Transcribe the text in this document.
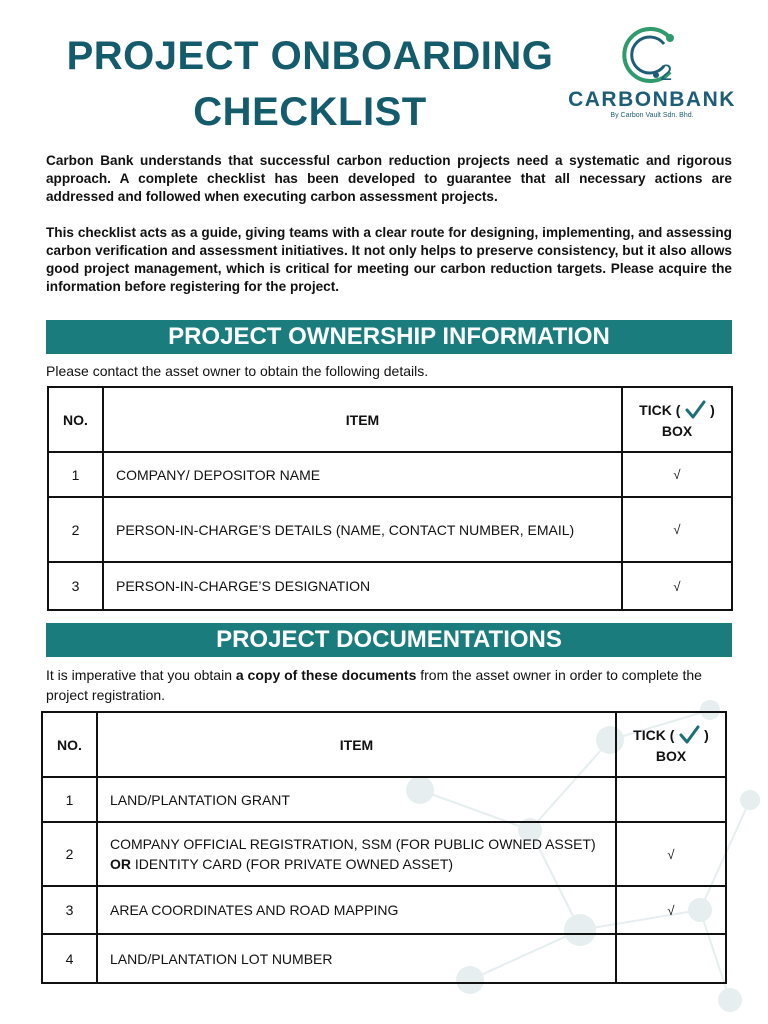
PROJECT ONBOARDING
CHECKLIST
2
CARBONBANK
By Carbon Vault Sdn. Bhd.

Carbon Bank understands that successful carbon reduction projects need a systematic and rigorous approach. A complete checklist has been developed to guarantee that all necessary actions are addressed and followed when executing carbon assessment projects.

This checklist acts as a guide, giving teams with a clear route for designing, implementing, and assessing carbon verification and assessment initiatives. It not only helps to preserve consistency, but it also allows good project management, which is critical for meeting our carbon reduction targets. Please acquire the information before registering for the project.

PROJECT OWNERSHIP INFORMATION

Please contact the asset owner to obtain the following details.

NO.	ITEM	TICK ( )
BOX
1	COMPANY/ DEPOSITOR NAME	√
2	PERSON-IN-CHARGE’S DETAILS (NAME, CONTACT NUMBER, EMAIL)	√
3	PERSON-IN-CHARGE’S DESIGNATION	√
PROJECT DOCUMENTATIONS

It is imperative that you obtain a copy of these documents from the asset owner in order to complete the project registration.

NO.	ITEM	TICK ( )
BOX
1	LAND/PLANTATION GRANT	
2	COMPANY OFFICIAL REGISTRATION, SSM (FOR PUBLIC OWNED ASSET) OR IDENTITY CARD (FOR PRIVATE OWNED ASSET)	√
3	AREA COORDINATES AND ROAD MAPPING	√
4	LAND/PLANTATION LOT NUMBER	
